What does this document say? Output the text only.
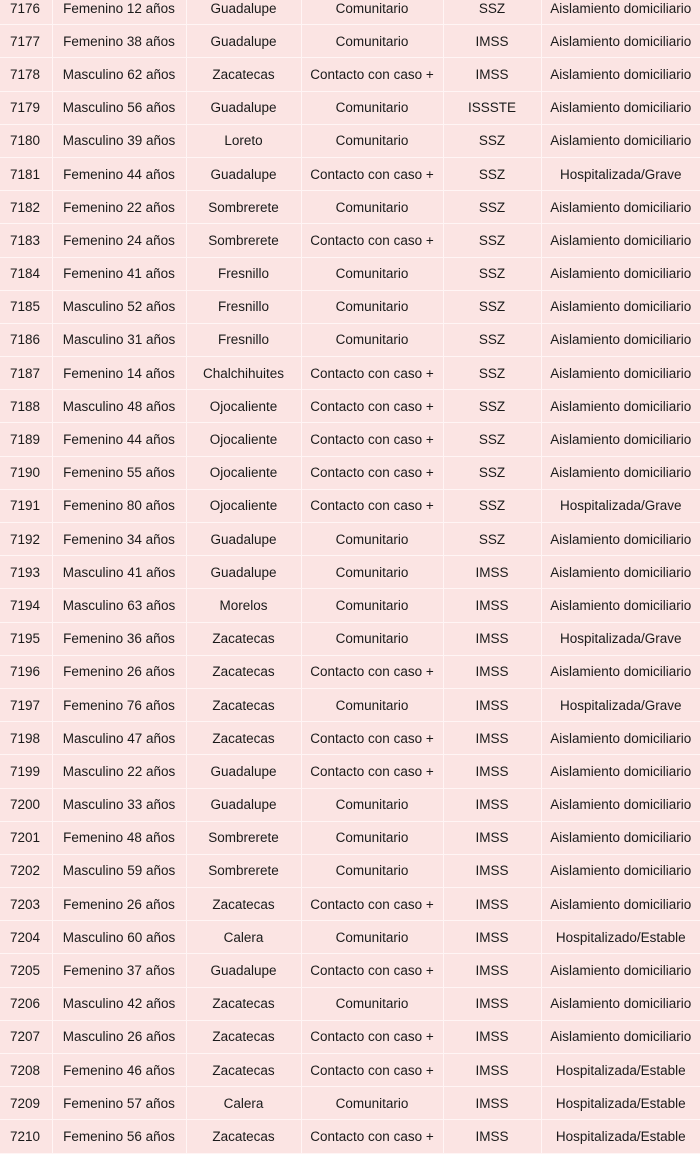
7176	Femenino 12 años	Guadalupe	Comunitario	SSZ	Aislamiento domiciliario
7177	Femenino 38 años	Guadalupe	Comunitario	IMSS	Aislamiento domiciliario
7178	Masculino 62 años	Zacatecas	Contacto con caso +	IMSS	Aislamiento domiciliario
7179	Masculino 56 años	Guadalupe	Comunitario	ISSSTE	Aislamiento domiciliario
7180	Masculino 39 años	Loreto	Comunitario	SSZ	Aislamiento domiciliario
7181	Femenino 44 años	Guadalupe	Contacto con caso +	SSZ	Hospitalizada/Grave
7182	Femenino 22 años	Sombrerete	Comunitario	SSZ	Aislamiento domiciliario
7183	Femenino 24 años	Sombrerete	Contacto con caso +	SSZ	Aislamiento domiciliario
7184	Femenino 41 años	Fresnillo	Comunitario	SSZ	Aislamiento domiciliario
7185	Masculino 52 años	Fresnillo	Comunitario	SSZ	Aislamiento domiciliario
7186	Masculino 31 años	Fresnillo	Comunitario	SSZ	Aislamiento domiciliario
7187	Femenino 14 años	Chalchihuites	Contacto con caso +	SSZ	Aislamiento domiciliario
7188	Masculino 48 años	Ojocaliente	Contacto con caso +	SSZ	Aislamiento domiciliario
7189	Femenino 44 años	Ojocaliente	Contacto con caso +	SSZ	Aislamiento domiciliario
7190	Femenino 55 años	Ojocaliente	Contacto con caso +	SSZ	Aislamiento domiciliario
7191	Femenino 80 años	Ojocaliente	Contacto con caso +	SSZ	Hospitalizada/Grave
7192	Femenino 34 años	Guadalupe	Comunitario	SSZ	Aislamiento domiciliario
7193	Masculino 41 años	Guadalupe	Comunitario	IMSS	Aislamiento domiciliario
7194	Masculino 63 años	Morelos	Comunitario	IMSS	Aislamiento domiciliario
7195	Femenino 36 años	Zacatecas	Comunitario	IMSS	Hospitalizada/Grave
7196	Femenino 26 años	Zacatecas	Contacto con caso +	IMSS	Aislamiento domiciliario
7197	Femenino 76 años	Zacatecas	Comunitario	IMSS	Hospitalizada/Grave
7198	Masculino 47 años	Zacatecas	Contacto con caso +	IMSS	Aislamiento domiciliario
7199	Masculino 22 años	Guadalupe	Contacto con caso +	IMSS	Aislamiento domiciliario
7200	Masculino 33 años	Guadalupe	Comunitario	IMSS	Aislamiento domiciliario
7201	Femenino 48 años	Sombrerete	Comunitario	IMSS	Aislamiento domiciliario
7202	Masculino 59 años	Sombrerete	Comunitario	IMSS	Aislamiento domiciliario
7203	Femenino 26 años	Zacatecas	Contacto con caso +	IMSS	Aislamiento domiciliario
7204	Masculino 60 años	Calera	Comunitario	IMSS	Hospitalizado/Estable
7205	Femenino 37 años	Guadalupe	Contacto con caso +	IMSS	Aislamiento domiciliario
7206	Masculino 42 años	Zacatecas	Comunitario	IMSS	Aislamiento domiciliario
7207	Masculino 26 años	Zacatecas	Contacto con caso +	IMSS	Aislamiento domiciliario
7208	Femenino 46 años	Zacatecas	Contacto con caso +	IMSS	Hospitalizada/Estable
7209	Femenino 57 años	Calera	Comunitario	IMSS	Hospitalizada/Estable
7210	Femenino 56 años	Zacatecas	Contacto con caso +	IMSS	Hospitalizada/Estable
